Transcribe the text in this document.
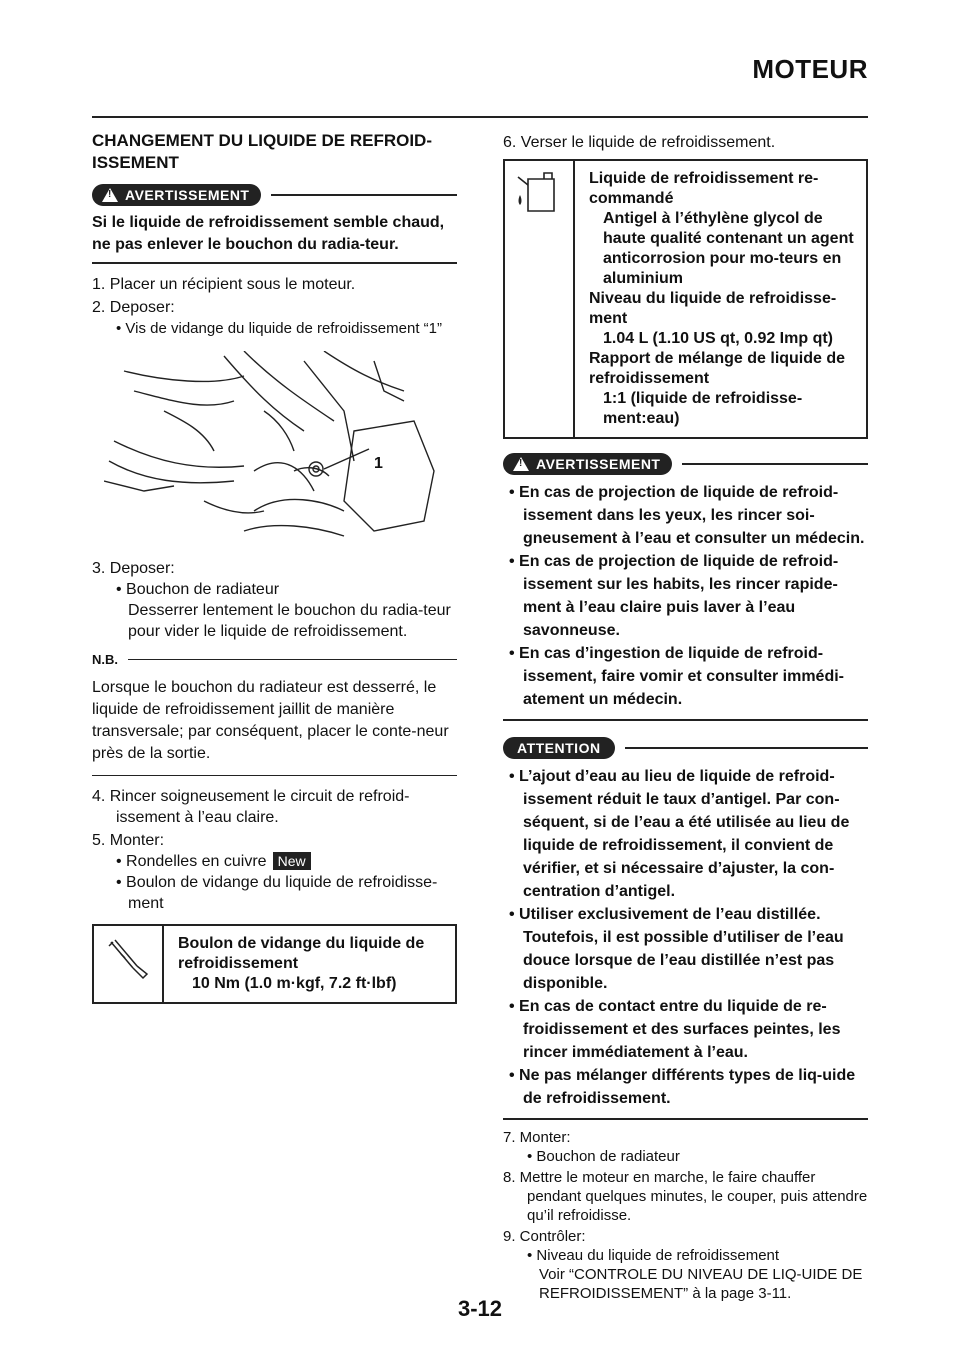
MOTEUR
CHANGEMENT DU LIQUIDE DE REFROID-ISSEMENT
!
AVERTISSEMENT
Si le liquide de refroidissement semble chaud, ne pas enlever le bouchon du radia-teur.
1. Placer un récipient sous le moteur.
2. Deposer:
• Vis de vidange du liquide de refroidissement “1”
1
3. Deposer:
• Bouchon de radiateur
Desserrer lentement le bouchon du radia-teur pour vider le liquide de refroidissement.
N.B.
Lorsque le bouchon du radiateur est desserré, le liquide de refroidissement jaillit de manière transversale; par conséquent, placer le conte-neur près de la sortie.
4. Rincer soigneusement le circuit de refroid-issement à l’eau claire.
5. Monter:
• Rondelles en cuivre New
• Boulon de vidange du liquide de refroidisse-ment
Boulon de vidange du liquide de refroidissement
10 Nm (1.0 m·kgf, 7.2 ft·lbf)
6. Verser le liquide de refroidissement.
Liquide de refroidissement re-commandé
Antigel à l’éthylène glycol de haute qualité contenant un agent anticorrosion pour mo-teurs en aluminium
Niveau du liquide de refroidisse-ment
1.04 L (1.10 US qt, 0.92 Imp qt)
Rapport de mélange de liquide de refroidissement
1:1 (liquide de refroidisse-ment:eau)
!
AVERTISSEMENT
• En cas de projection de liquide de refroid-issement dans les yeux, les rincer soi-gneusement à l’eau et consulter un médecin.
• En cas de projection de liquide de refroid-issement sur les habits, les rincer rapide-ment à l’eau claire puis laver à l’eau savonneuse.
• En cas d’ingestion de liquide de refroid-issement, faire vomir et consulter immédi-atement un médecin.
ATTENTION
• L’ajout d’eau au lieu de liquide de refroid-issement réduit le taux d’antigel. Par con-séquent, si de l’eau a été utilisée au lieu de liquide de refroidissement, il convient de vérifier, et si nécessaire d’ajuster, la con-centration d’antigel.
• Utiliser exclusivement de l’eau distillée. Toutefois, il est possible d’utiliser de l’eau douce lorsque de l’eau distillée n’est pas disponible.
• En cas de contact entre du liquide de re-froidissement et des surfaces peintes, les rincer immédiatement à l’eau.
• Ne pas mélanger différents types de liq-uide de refroidissement.
7. Monter:
• Bouchon de radiateur
8. Mettre le moteur en marche, le faire chauffer pendant quelques minutes, le couper, puis attendre qu’il refroidisse.
9. Contrôler:
• Niveau du liquide de refroidissement
Voir “CONTROLE DU NIVEAU DE LIQ-UIDE DE REFROIDISSEMENT” à la page 3-11.
3-12
